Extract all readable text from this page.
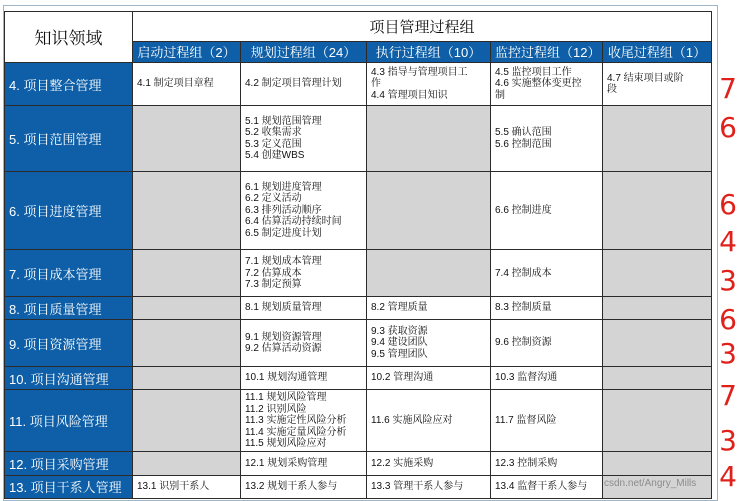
知识领域	项目管理过程组				
	启动过程组（2）	规划过程组（24）	执行过程组（10）	监控过程组（12）	收尾过程组（1）
4. 项目整合管理	4.1 制定项目章程	4.2 制定项目管理计划	4.3 指导与管理项目工
作
4.4 管理项目知识	4.5 监控项目工作
4.6 实施整体变更控
制	4.7 结束项目或阶
段

5. 项目范围管理		5.1 规划范围管理
5.2 收集需求
5.3 定义范围
5.4 创建WBS		5.5 确认范围
5.6 控制范围	

6. 项目进度管理		6.1 规划进度管理
6.2 定义活动
6.3 排列活动顺序
6.4 估算活动持续时间
6.5 制定进度计划		6.6 控制进度	

7. 项目成本管理		7.1 规划成本管理
7.2 估算成本
7.3 制定预算		7.4 控制成本	

8. 项目质量管理		8.1 规划质量管理	8.2 管理质量	8.3 控制质量	

9. 项目资源管理		9.1 规划资源管理
9.2 估算活动资源	9.3 获取资源
9.4 建设团队
9.5 管理团队	9.6 控制资源	

10. 项目沟通管理		10.1 规划沟通管理	10.2 管理沟通	10.3 监督沟通	

11. 项目风险管理		11.1 规划风险管理
11.2 识别风险
11.3 实施定性风险分析
11.4 实施定量风险分析
11.5 规划风险应对	11.6 实施风险应对	11.7 监督风险	

12. 项目采购管理		12.1 规划采购管理	12.2 实施采购	12.3 控制采购	

13. 项目干系人管理	13.1 识别干系人	13.2 规划干系人参与	13.3 管理干系人参与	13.4 监督干系人参与	
		csdn.net/Angry_Mills
7
6
6
4
3
6
3
7
3
4
